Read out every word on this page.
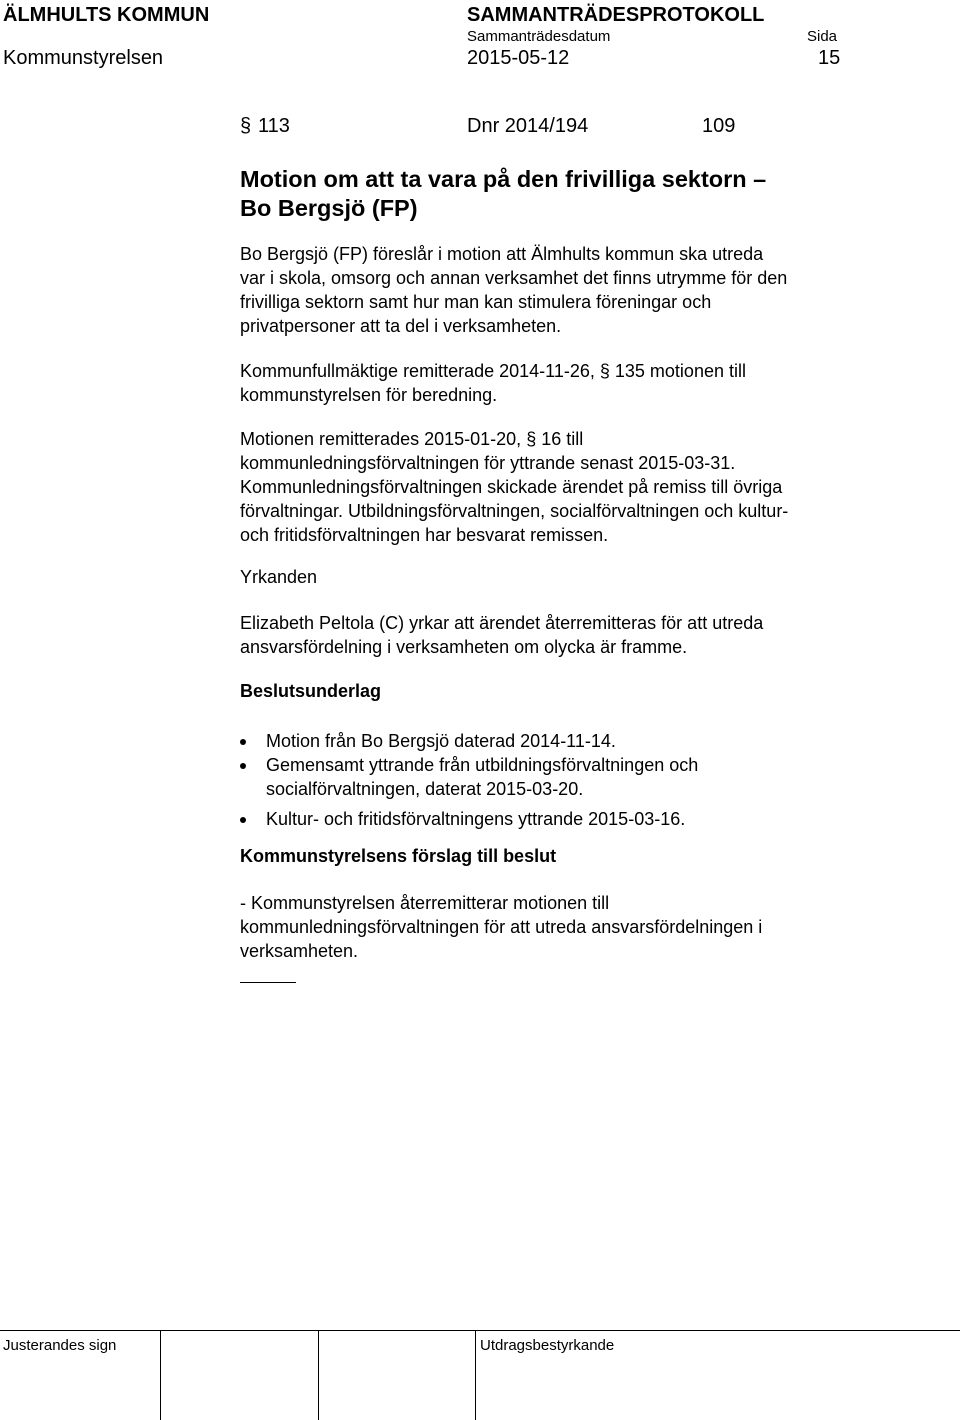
ÄLMHULTS KOMMUN	SAMMANTRÄDESPROTOKOLL
Sammanträdesdatum	Sida
Kommunstyrelsen	2015-05-12	15
§ 113	Dnr 2014/194	109
Motion om att ta vara på den frivilliga sektorn –
Bo Bergsjö (FP)
Bo Bergsjö (FP) föreslår i motion att Älmhults kommun ska utreda
var i skola, omsorg och annan verksamhet det finns utrymme för den
frivilliga sektorn samt hur man kan stimulera föreningar och
privatpersoner att ta del i verksamheten.
Kommunfullmäktige remitterade 2014-11-26, § 135 motionen till
kommunstyrelsen för beredning.
Motionen remitterades 2015-01-20, § 16 till
kommunledningsförvaltningen för yttrande senast 2015-03-31.
Kommunledningsförvaltningen skickade ärendet på remiss till övriga
förvaltningar. Utbildningsförvaltningen, socialförvaltningen och kultur-
och fritidsförvaltningen har besvarat remissen.
Yrkanden
Elizabeth Peltola (C) yrkar att ärendet återremitteras för att utreda
ansvarsfördelning i verksamheten om olycka är framme.
Beslutsunderlag
Motion från Bo Bergsjö daterad 2014-11-14.
Gemensamt yttrande från utbildningsförvaltningen och
socialförvaltningen, daterat 2015-03-20.
Kultur- och fritidsförvaltningens yttrande 2015-03-16.
Kommunstyrelsens förslag till beslut
- Kommunstyrelsen återremitterar motionen till
kommunledningsförvaltningen för att utreda ansvarsfördelningen i
verksamheten.
Justerandes sign	Utdragsbestyrkande
